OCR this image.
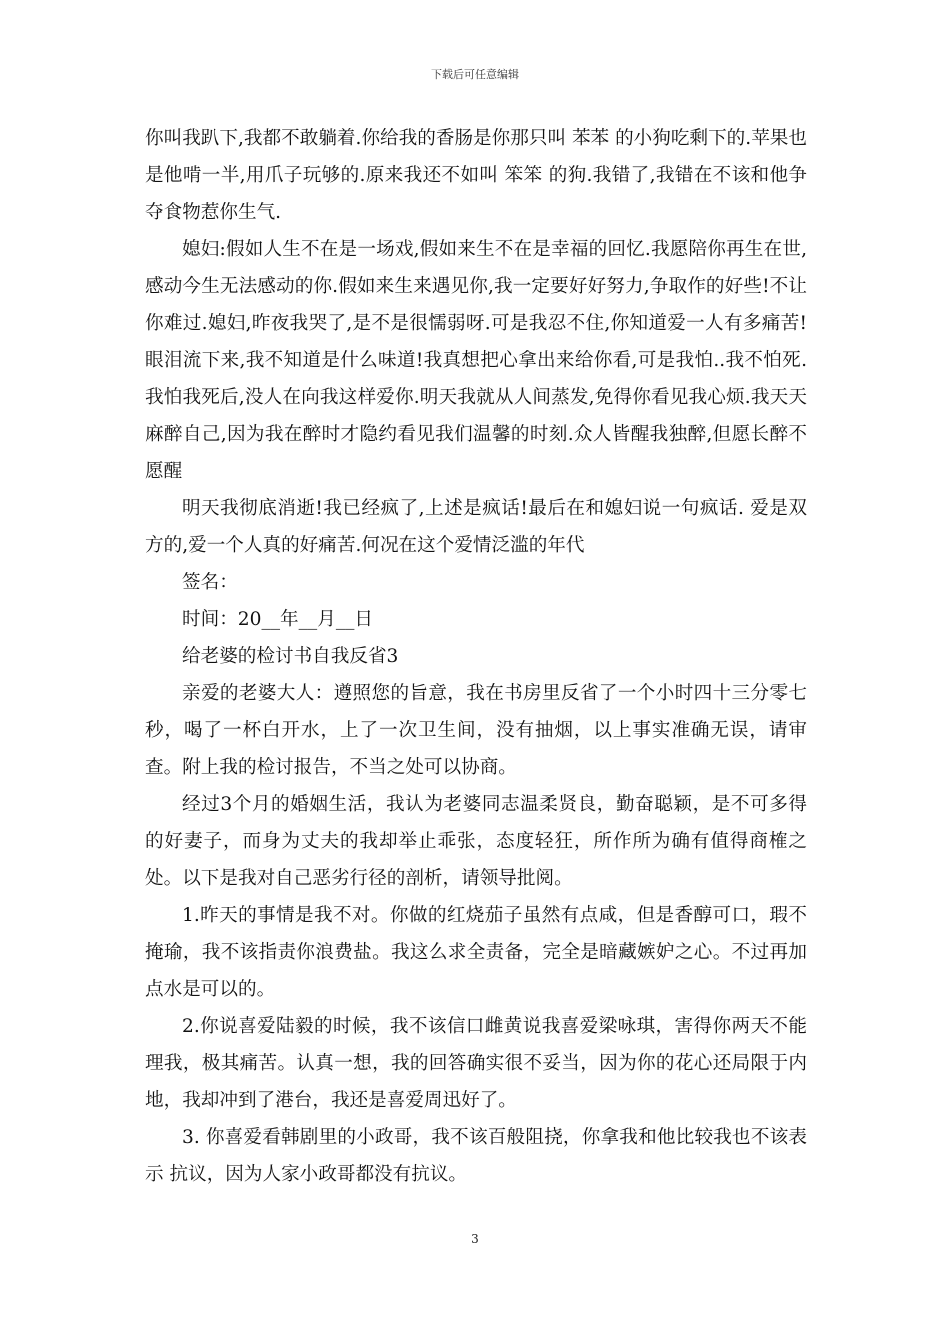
下载后可任意编辑

你叫我趴下,我都不敢躺着.你给我的香肠是你那只叫 苯苯 的小狗吃剩下的.苹果也是他啃一半,用爪子玩够的.原来我还不如叫 笨笨 的狗.我错了,我错在不该和他争夺食物惹你生气.

媳妇:假如人生不在是一场戏,假如来生不在是幸福的回忆.我愿陪你再生在世,感动今生无法感动的你.假如来生来遇见你,我一定要好好努力,争取作的好些!不让你难过.媳妇,昨夜我哭了,是不是很懦弱呀.可是我忍不住,你知道爱一人有多痛苦!眼泪流下来,我不知道是什么味道!我真想把心拿出来给你看,可是我怕..我不怕死.我怕我死后,没人在向我这样爱你.明天我就从人间蒸发,免得你看见我心烦.我天天麻醉自己,因为我在醉时才隐约看见我们温馨的时刻.众人皆醒我独醉,但愿长醉不愿醒

明天我彻底消逝!我已经疯了,上述是疯话!最后在和媳妇说一句疯话. 爱是双方的,爱一个人真的好痛苦.何况在这个爱情泛滥的年代

签名：

时间：20__年__月__日

给老婆的检讨书自我反省3

亲爱的老婆大人：遵照您的旨意，我在书房里反省了一个小时四十三分零七秒，喝了一杯白开水，上了一次卫生间，没有抽烟，以上事实准确无误，请审查。附上我的检讨报告，不当之处可以协商。

经过3个月的婚姻生活，我认为老婆同志温柔贤良，勤奋聪颖，是不可多得的好妻子，而身为丈夫的我却举止乖张，态度轻狂，所作所为确有值得商榷之处。以下是我对自己恶劣行径的剖析，请领导批阅。

1.昨天的事情是我不对。你做的红烧茄子虽然有点咸，但是香醇可口，瑕不掩瑜，我不该指责你浪费盐。我这么求全责备，完全是暗藏嫉妒之心。不过再加点水是可以的。

2.你说喜爱陆毅的时候，我不该信口雌黄说我喜爱梁咏琪，害得你两天不能理我，极其痛苦。认真一想，我的回答确实很不妥当，因为你的花心还局限于内地，我却冲到了港台，我还是喜爱周迅好了。

3. 你喜爱看韩剧里的小政哥，我不该百般阻挠，你拿我和他比较我也不该表示 抗议，因为人家小政哥都没有抗议。

3
